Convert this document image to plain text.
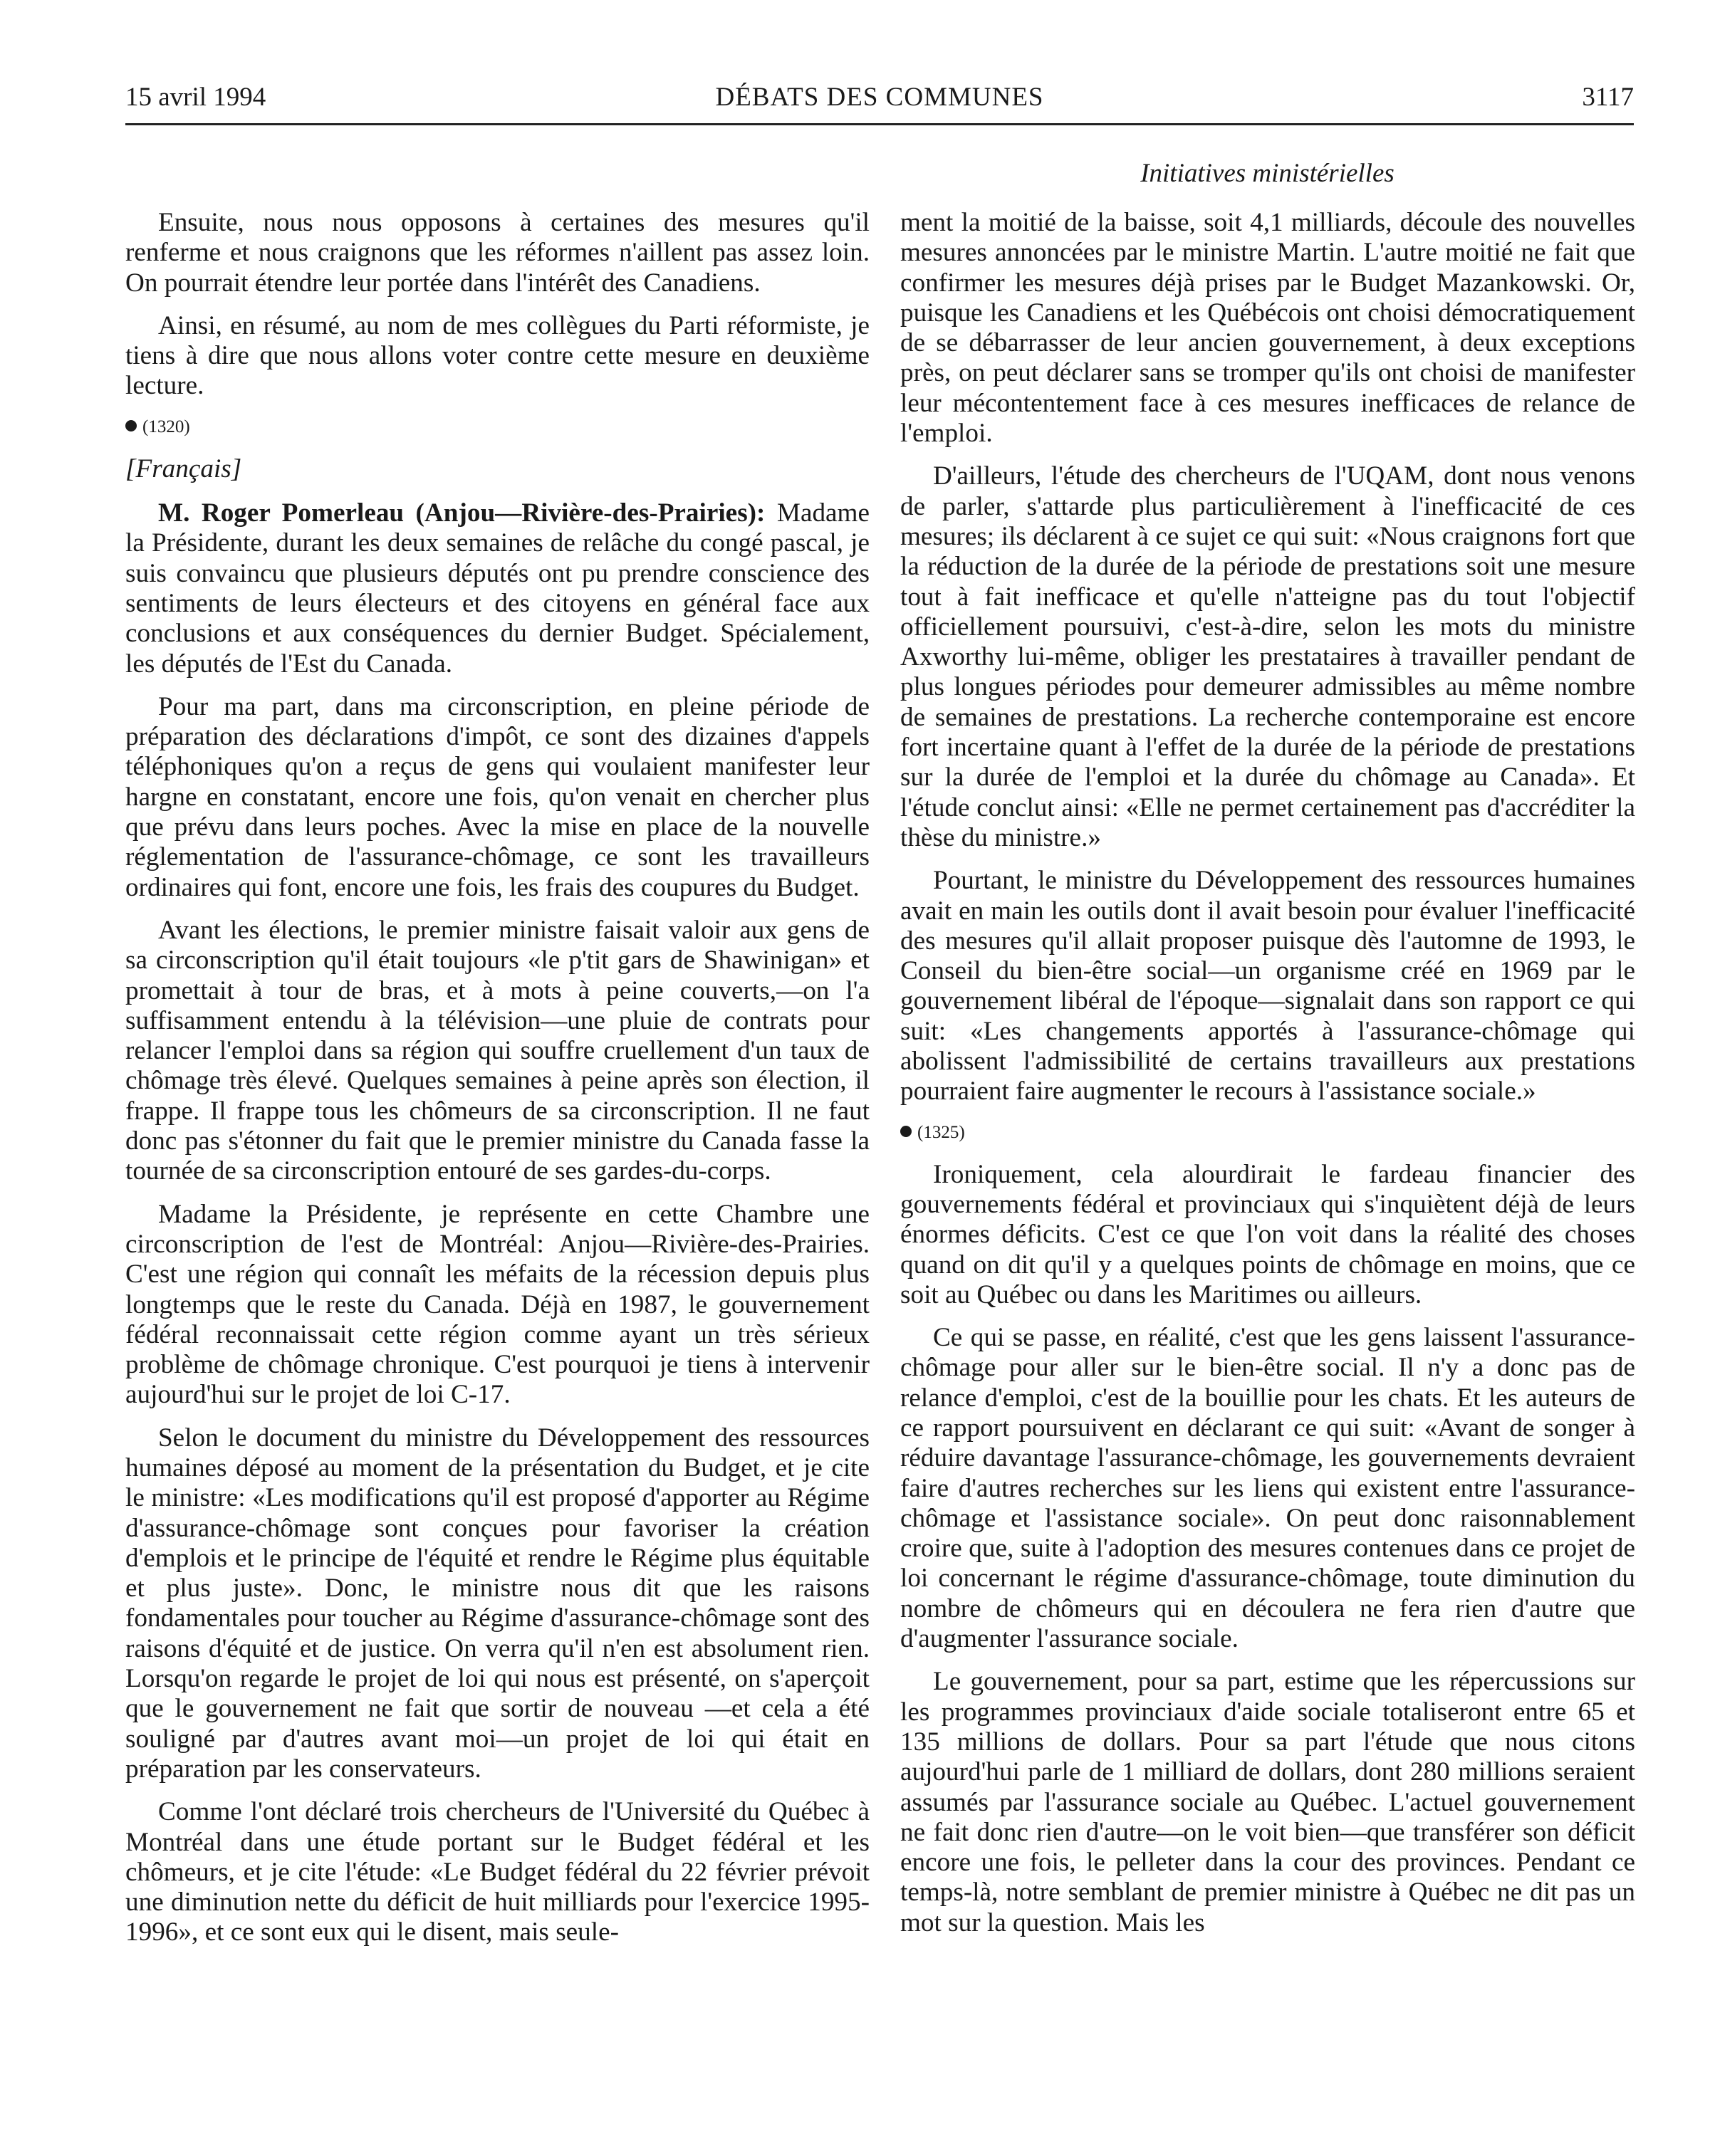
DÉBATS DES COMMUNES
15 avril 1994	3117
Initiatives ministérielles

Ensuite, nous nous opposons à certaines des mesures qu'il renferme et nous craignons que les réformes n'aillent pas assez loin. On pourrait étendre leur portée dans l'intérêt des Canadiens.

Ainsi, en résumé, au nom de mes collègues du Parti réformiste, je tiens à dire que nous allons voter contre cette mesure en deuxième lecture.

(1320)
[Français]

M. Roger Pomerleau (Anjou—Rivière-des-Prairies): Madame la Présidente, durant les deux semaines de relâche du congé pascal, je suis convaincu que plusieurs députés ont pu prendre conscience des sentiments de leurs électeurs et des citoyens en général face aux conclusions et aux conséquences du dernier Budget. Spécialement, les députés de l'Est du Canada.

Pour ma part, dans ma circonscription, en pleine période de préparation des déclarations d'impôt, ce sont des dizaines d'appels téléphoniques qu'on a reçus de gens qui voulaient manifester leur hargne en constatant, encore une fois, qu'on venait en chercher plus que prévu dans leurs poches. Avec la mise en place de la nouvelle réglementation de l'assurance-chômage, ce sont les travailleurs ordinaires qui font, encore une fois, les frais des coupures du Budget.

Avant les élections, le premier ministre faisait valoir aux gens de sa circonscription qu'il était toujours «le p'tit gars de Shawinigan» et promettait à tour de bras, et à mots à peine couverts,—on l'a suffisamment entendu à la télévision—une pluie de contrats pour relancer l'emploi dans sa région qui souffre cruellement d'un taux de chômage très élevé. Quelques semaines à peine après son élection, il frappe. Il frappe tous les chômeurs de sa circonscription. Il ne faut donc pas s'étonner du fait que le premier ministre du Canada fasse la tournée de sa circonscription entouré de ses gardes-du-corps.

Madame la Présidente, je représente en cette Chambre une circonscription de l'est de Montréal: Anjou—Rivière-des-Prairies. C'est une région qui connaît les méfaits de la récession depuis plus longtemps que le reste du Canada. Déjà en 1987, le gouvernement fédéral reconnaissait cette région comme ayant un très sérieux problème de chômage chronique. C'est pourquoi je tiens à intervenir aujourd'hui sur le projet de loi C-17.

Selon le document du ministre du Développement des ressources humaines déposé au moment de la présentation du Budget, et je cite le ministre: «Les modifications qu'il est proposé d'apporter au Régime d'assurance-chômage sont conçues pour favoriser la création d'emplois et le principe de l'équité et rendre le Régime plus équitable et plus juste». Donc, le ministre nous dit que les raisons fondamentales pour toucher au Régime d'assurance-chômage sont des raisons d'équité et de justice. On verra qu'il n'en est absolument rien. Lorsqu'on regarde le projet de loi qui nous est présenté, on s'aperçoit que le gouvernement ne fait que sortir de nouveau —et cela a été souligné par d'autres avant moi—un projet de loi qui était en préparation par les conservateurs.

Comme l'ont déclaré trois chercheurs de l'Université du Québec à Montréal dans une étude portant sur le Budget fédéral et les chômeurs, et je cite l'étude: «Le Budget fédéral du 22 février prévoit une diminution nette du déficit de huit milliards pour l'exercice 1995-1996», et ce sont eux qui le disent, mais seule-

ment la moitié de la baisse, soit 4,1 milliards, découle des nouvelles mesures annoncées par le ministre Martin. L'autre moitié ne fait que confirmer les mesures déjà prises par le Budget Mazankowski. Or, puisque les Canadiens et les Québécois ont choisi démocratiquement de se débarrasser de leur ancien gouvernement, à deux exceptions près, on peut déclarer sans se tromper qu'ils ont choisi de manifester leur mécontentement face à ces mesures inefficaces de relance de l'emploi.

D'ailleurs, l'étude des chercheurs de l'UQAM, dont nous venons de parler, s'attarde plus particulièrement à l'inefficacité de ces mesures; ils déclarent à ce sujet ce qui suit: «Nous craignons fort que la réduction de la durée de la période de prestations soit une mesure tout à fait inefficace et qu'elle n'atteigne pas du tout l'objectif officiellement poursuivi, c'est-à-dire, selon les mots du ministre Axworthy lui-même, obliger les prestataires à travailler pendant de plus longues périodes pour demeurer admissibles au même nombre de semaines de prestations. La recherche contemporaine est encore fort incertaine quant à l'effet de la durée de la période de prestations sur la durée de l'emploi et la durée du chômage au Canada». Et l'étude conclut ainsi: «Elle ne permet certainement pas d'accréditer la thèse du ministre.»

Pourtant, le ministre du Développement des ressources humaines avait en main les outils dont il avait besoin pour évaluer l'inefficacité des mesures qu'il allait proposer puisque dès l'automne de 1993, le Conseil du bien-être social—un organisme créé en 1969 par le gouvernement libéral de l'époque—signalait dans son rapport ce qui suit: «Les changements apportés à l'assurance-chômage qui abolissent l'admissibilité de certains travailleurs aux prestations pourraient faire augmenter le recours à l'assistance sociale.»

(1325)

Ironiquement, cela alourdirait le fardeau financier des gouvernements fédéral et provinciaux qui s'inquiètent déjà de leurs énormes déficits. C'est ce que l'on voit dans la réalité des choses quand on dit qu'il y a quelques points de chômage en moins, que ce soit au Québec ou dans les Maritimes ou ailleurs.

Ce qui se passe, en réalité, c'est que les gens laissent l'assurance-chômage pour aller sur le bien-être social. Il n'y a donc pas de relance d'emploi, c'est de la bouillie pour les chats. Et les auteurs de ce rapport poursuivent en déclarant ce qui suit: «Avant de songer à réduire davantage l'assurance-chômage, les gouvernements devraient faire d'autres recherches sur les liens qui existent entre l'assurance-chômage et l'assistance sociale». On peut donc raisonnablement croire que, suite à l'adoption des mesures contenues dans ce projet de loi concernant le régime d'assurance-chômage, toute diminution du nombre de chômeurs qui en découlera ne fera rien d'autre que d'augmenter l'assurance sociale.

Le gouvernement, pour sa part, estime que les répercussions sur les programmes provinciaux d'aide sociale totaliseront entre 65 et 135 millions de dollars. Pour sa part l'étude que nous citons aujourd'hui parle de 1 milliard de dollars, dont 280 millions seraient assumés par l'assurance sociale au Québec. L'actuel gouvernement ne fait donc rien d'autre—on le voit bien—que transférer son déficit encore une fois, le pelleter dans la cour des provinces. Pendant ce temps-là, notre semblant de premier ministre à Québec ne dit pas un mot sur la question. Mais les
